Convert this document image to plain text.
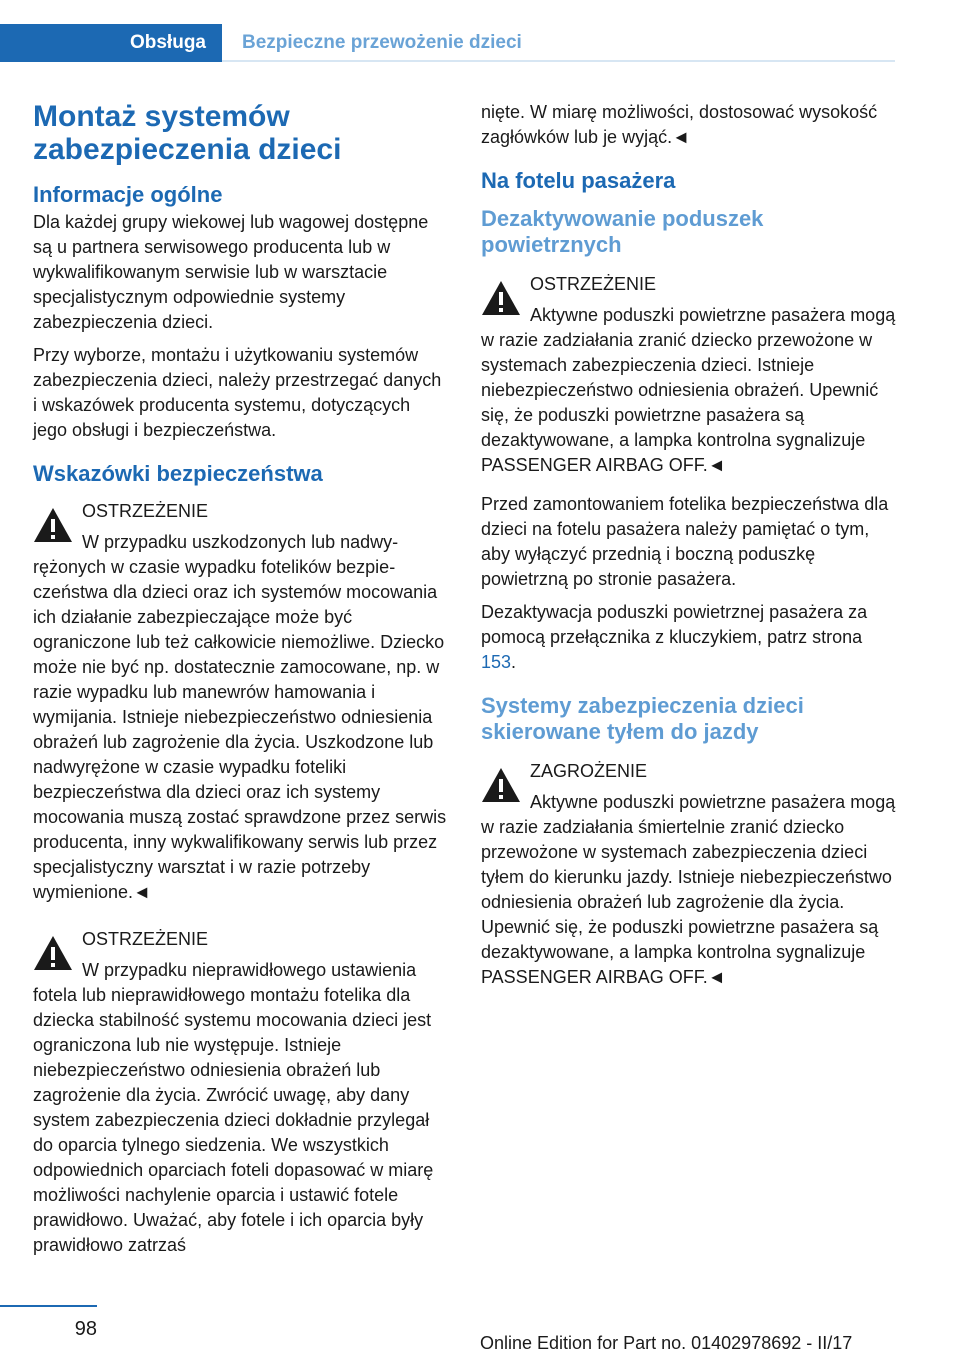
Obsługa	Bezpieczne przewożenie dzieci
Montaż systemów zabezpieczenia dzieci
Informacje ogólne

Dla każdej grupy wiekowej lub wagowej dostępne są u partnera serwisowego producenta lub w wykwalifikowanym serwisie lub w warsztacie specjalistycznym odpowiednie systemy zabezpieczenia dzieci.

Przy wyborze, montażu i użytkowaniu systemów zabezpieczenia dzieci, należy przestrzegać danych i wskazówek producenta systemu, dotyczących jego obsługi i bezpieczeństwa.

Wskazówki bezpieczeństwa
OSTRZEŻENIE

W przypadku uszkodzonych lub nadwyrężonych w czasie wypadku fotelików bezpieczeństwa dla dzieci oraz ich systemów mocowania ich działanie zabezpieczające może być ograniczone lub też całkowicie niemożliwe. Dziecko może nie być np. dostatecznie zamocowane, np. w razie wypadku lub manewrów hamowania i wymijania. Istnieje niebezpieczeństwo odniesienia obrażeń lub zagrożenie dla życia. Uszkodzone lub nadwyrężone w czasie wypadku foteliki bezpieczeństwa dla dzieci oraz ich systemy mocowania muszą zostać sprawdzone przez serwis producenta, inny wykwalifikowany serwis lub przez specjalistyczny warsztat i w razie potrzeby wymienione.◄

OSTRZEŻENIE

W przypadku nieprawidłowego ustawienia fotela lub nieprawidłowego montażu fotelika dla dziecka stabilność systemu mocowania dzieci jest ograniczona lub nie występuje. Istnieje niebezpieczeństwo odniesienia obrażeń lub zagrożenie dla życia. Zwrócić uwagę, aby dany system zabezpieczenia dzieci dokładnie przylegał do oparcia tylnego siedzenia. We wszystkich odpowiednich oparciach foteli dopasować w miarę możliwości nachylenie oparcia i ustawić fotele prawidłowo. Uważać, aby fotele i ich oparcia były prawidłowo zatrzaś

nięte. W miarę możliwości, dostosować wysokość zagłówków lub je wyjąć.◄

Na fotelu pasażera
Dezaktywowanie poduszek powietrznych
OSTRZEŻENIE

Aktywne poduszki powietrzne pasażera mogą w razie zadziałania zranić dziecko przewożone w systemach zabezpieczenia dzieci. Istnieje niebezpieczeństwo odniesienia obrażeń. Upewnić się, że poduszki powietrzne pasażera są dezaktywowane, a lampka kontrolna sygnalizuje PASSENGER AIRBAG OFF.◄

Przed zamontowaniem fotelika bezpieczeństwa dla dzieci na fotelu pasażera należy pamiętać o tym, aby wyłączyć przednią i boczną poduszkę powietrzną po stronie pasażera.

Dezaktywacja poduszki powietrznej pasażera za pomocą przełącznika z kluczykiem, patrz strona 153.

Systemy zabezpieczenia dzieci skierowane tyłem do jazdy
ZAGROŻENIE

Aktywne poduszki powietrzne pasażera mogą w razie zadziałania śmiertelnie zranić dziecko przewożone w systemach zabezpieczenia dzieci tyłem do kierunku jazdy. Istnieje niebezpieczeństwo odniesienia obrażeń lub zagrożenie dla życia. Upewnić się, że poduszki powietrzne pasażera są dezaktywowane, a lampka kontrolna sygnalizuje PASSENGER AIRBAG OFF.◄

98
Online Edition for Part no. 01402978692 - II/17
